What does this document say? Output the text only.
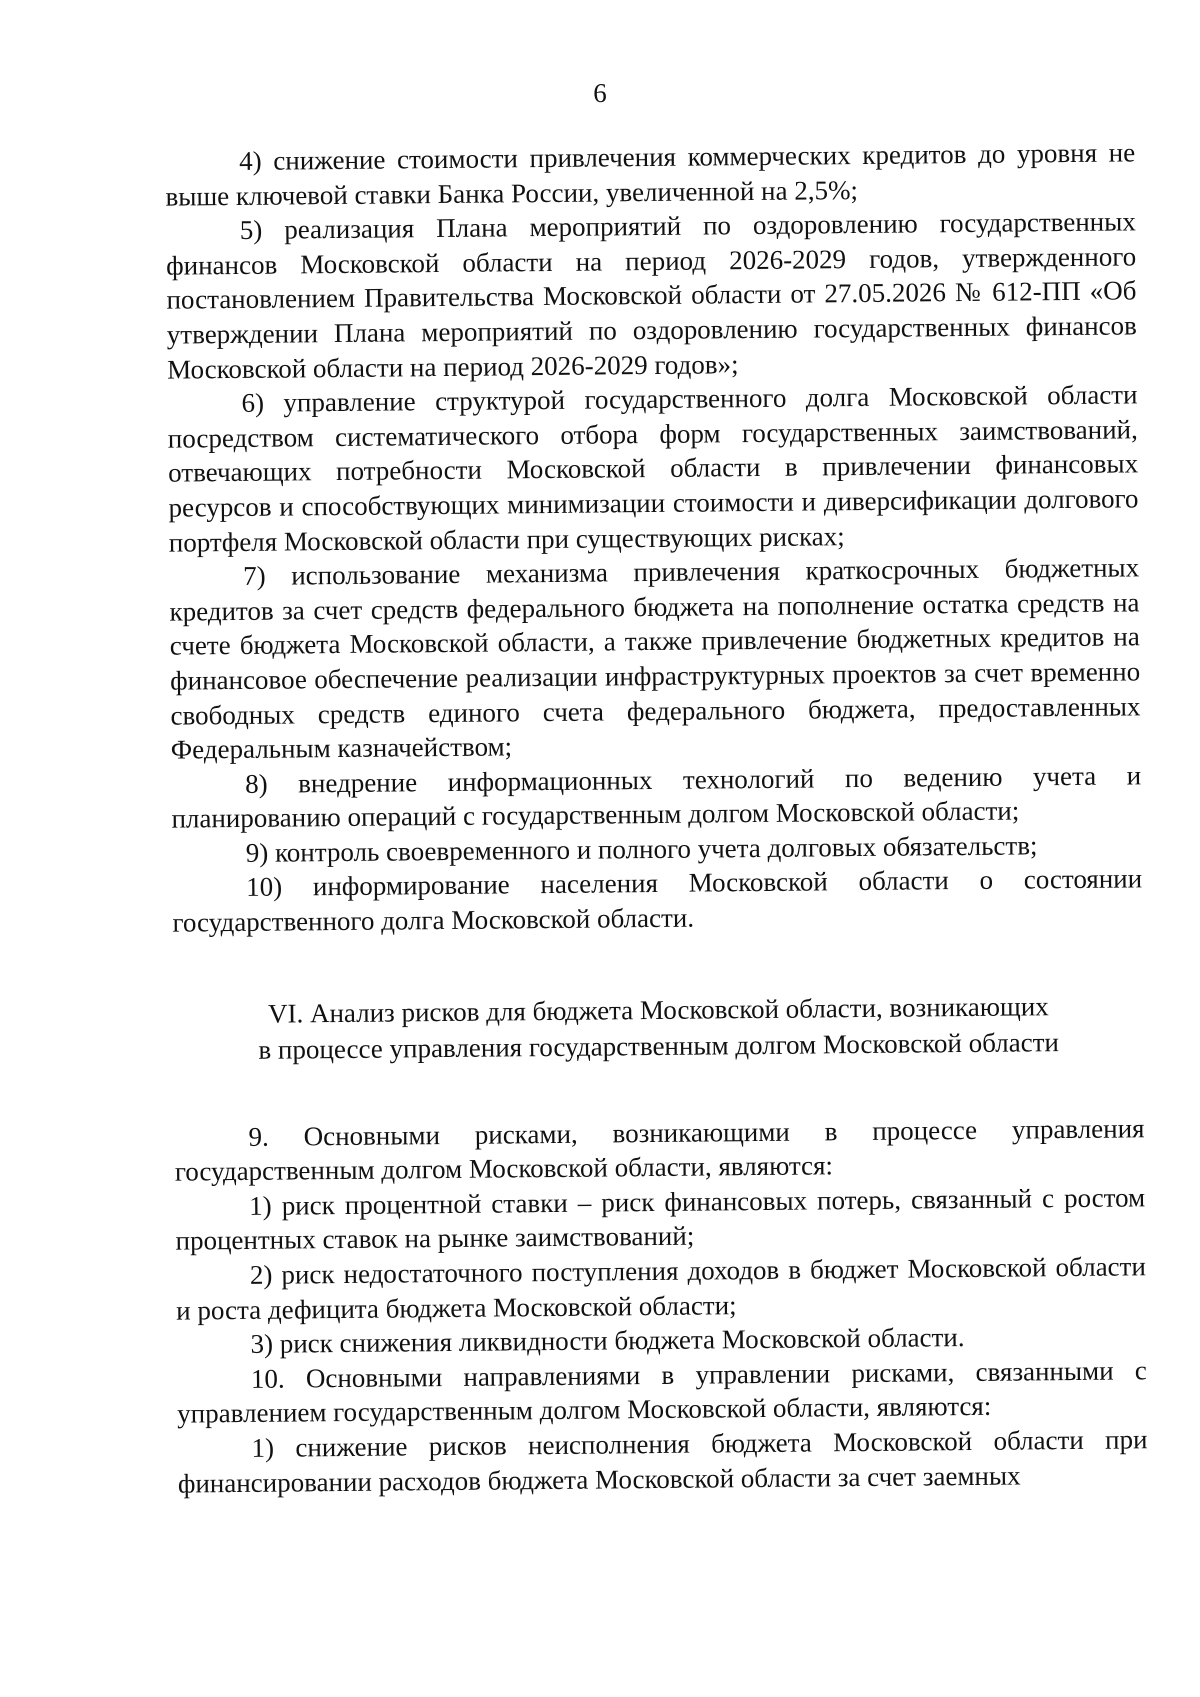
6

4) снижение стоимости привлечения коммерческих кредитов до уровня не выше ключевой ставки Банка России, увеличенной на 2,5%;

5) реализация Плана мероприятий по оздоровлению государственных финансов Московской области на период 2026-2029 годов, утвержденного постановлением Правительства Московской области от 27.05.2026 № 612-ПП «Об утверждении Плана мероприятий по оздоровлению государственных финансов Московской области на период 2026-2029 годов»;

6) управление структурой государственного долга Московской области посредством систематического отбора форм государственных заимствований, отвечающих потребности Московской области в привлечении финансовых ресурсов и способствующих минимизации стоимости и диверсификации долгового портфеля Московской области при существующих рисках;

7) использование механизма привлечения краткосрочных бюджетных кредитов за счет средств федерального бюджета на пополнение остатка средств на счете бюджета Московской области, а также привлечение бюджетных кредитов на финансовое обеспечение реализации инфраструктурных проектов за счет временно свободных средств единого счета федерального бюджета, предоставленных Федеральным казначейством;

8) внедрение информационных технологий по ведению учета и планированию операций с государственным долгом Московской области;

9) контроль своевременного и полного учета долговых обязательств;

10) информирование населения Московской области о состоянии государственного долга Московской области.

VI. Анализ рисков для бюджета Московской области, возникающих
в процессе управления государственным долгом Московской области

9. Основными рисками, возникающими в процессе управления государственным долгом Московской области, являются:

1) риск процентной ставки – риск финансовых потерь, связанный с ростом процентных ставок на рынке заимствований;

2) риск недостаточного поступления доходов в бюджет Московской области и роста дефицита бюджета Московской области;

3) риск снижения ликвидности бюджета Московской области.

10. Основными направлениями в управлении рисками, связанными с управлением государственным долгом Московской области, являются:

1) снижение рисков неисполнения бюджета Московской области при финансировании расходов бюджета Московской области за счет заемных
